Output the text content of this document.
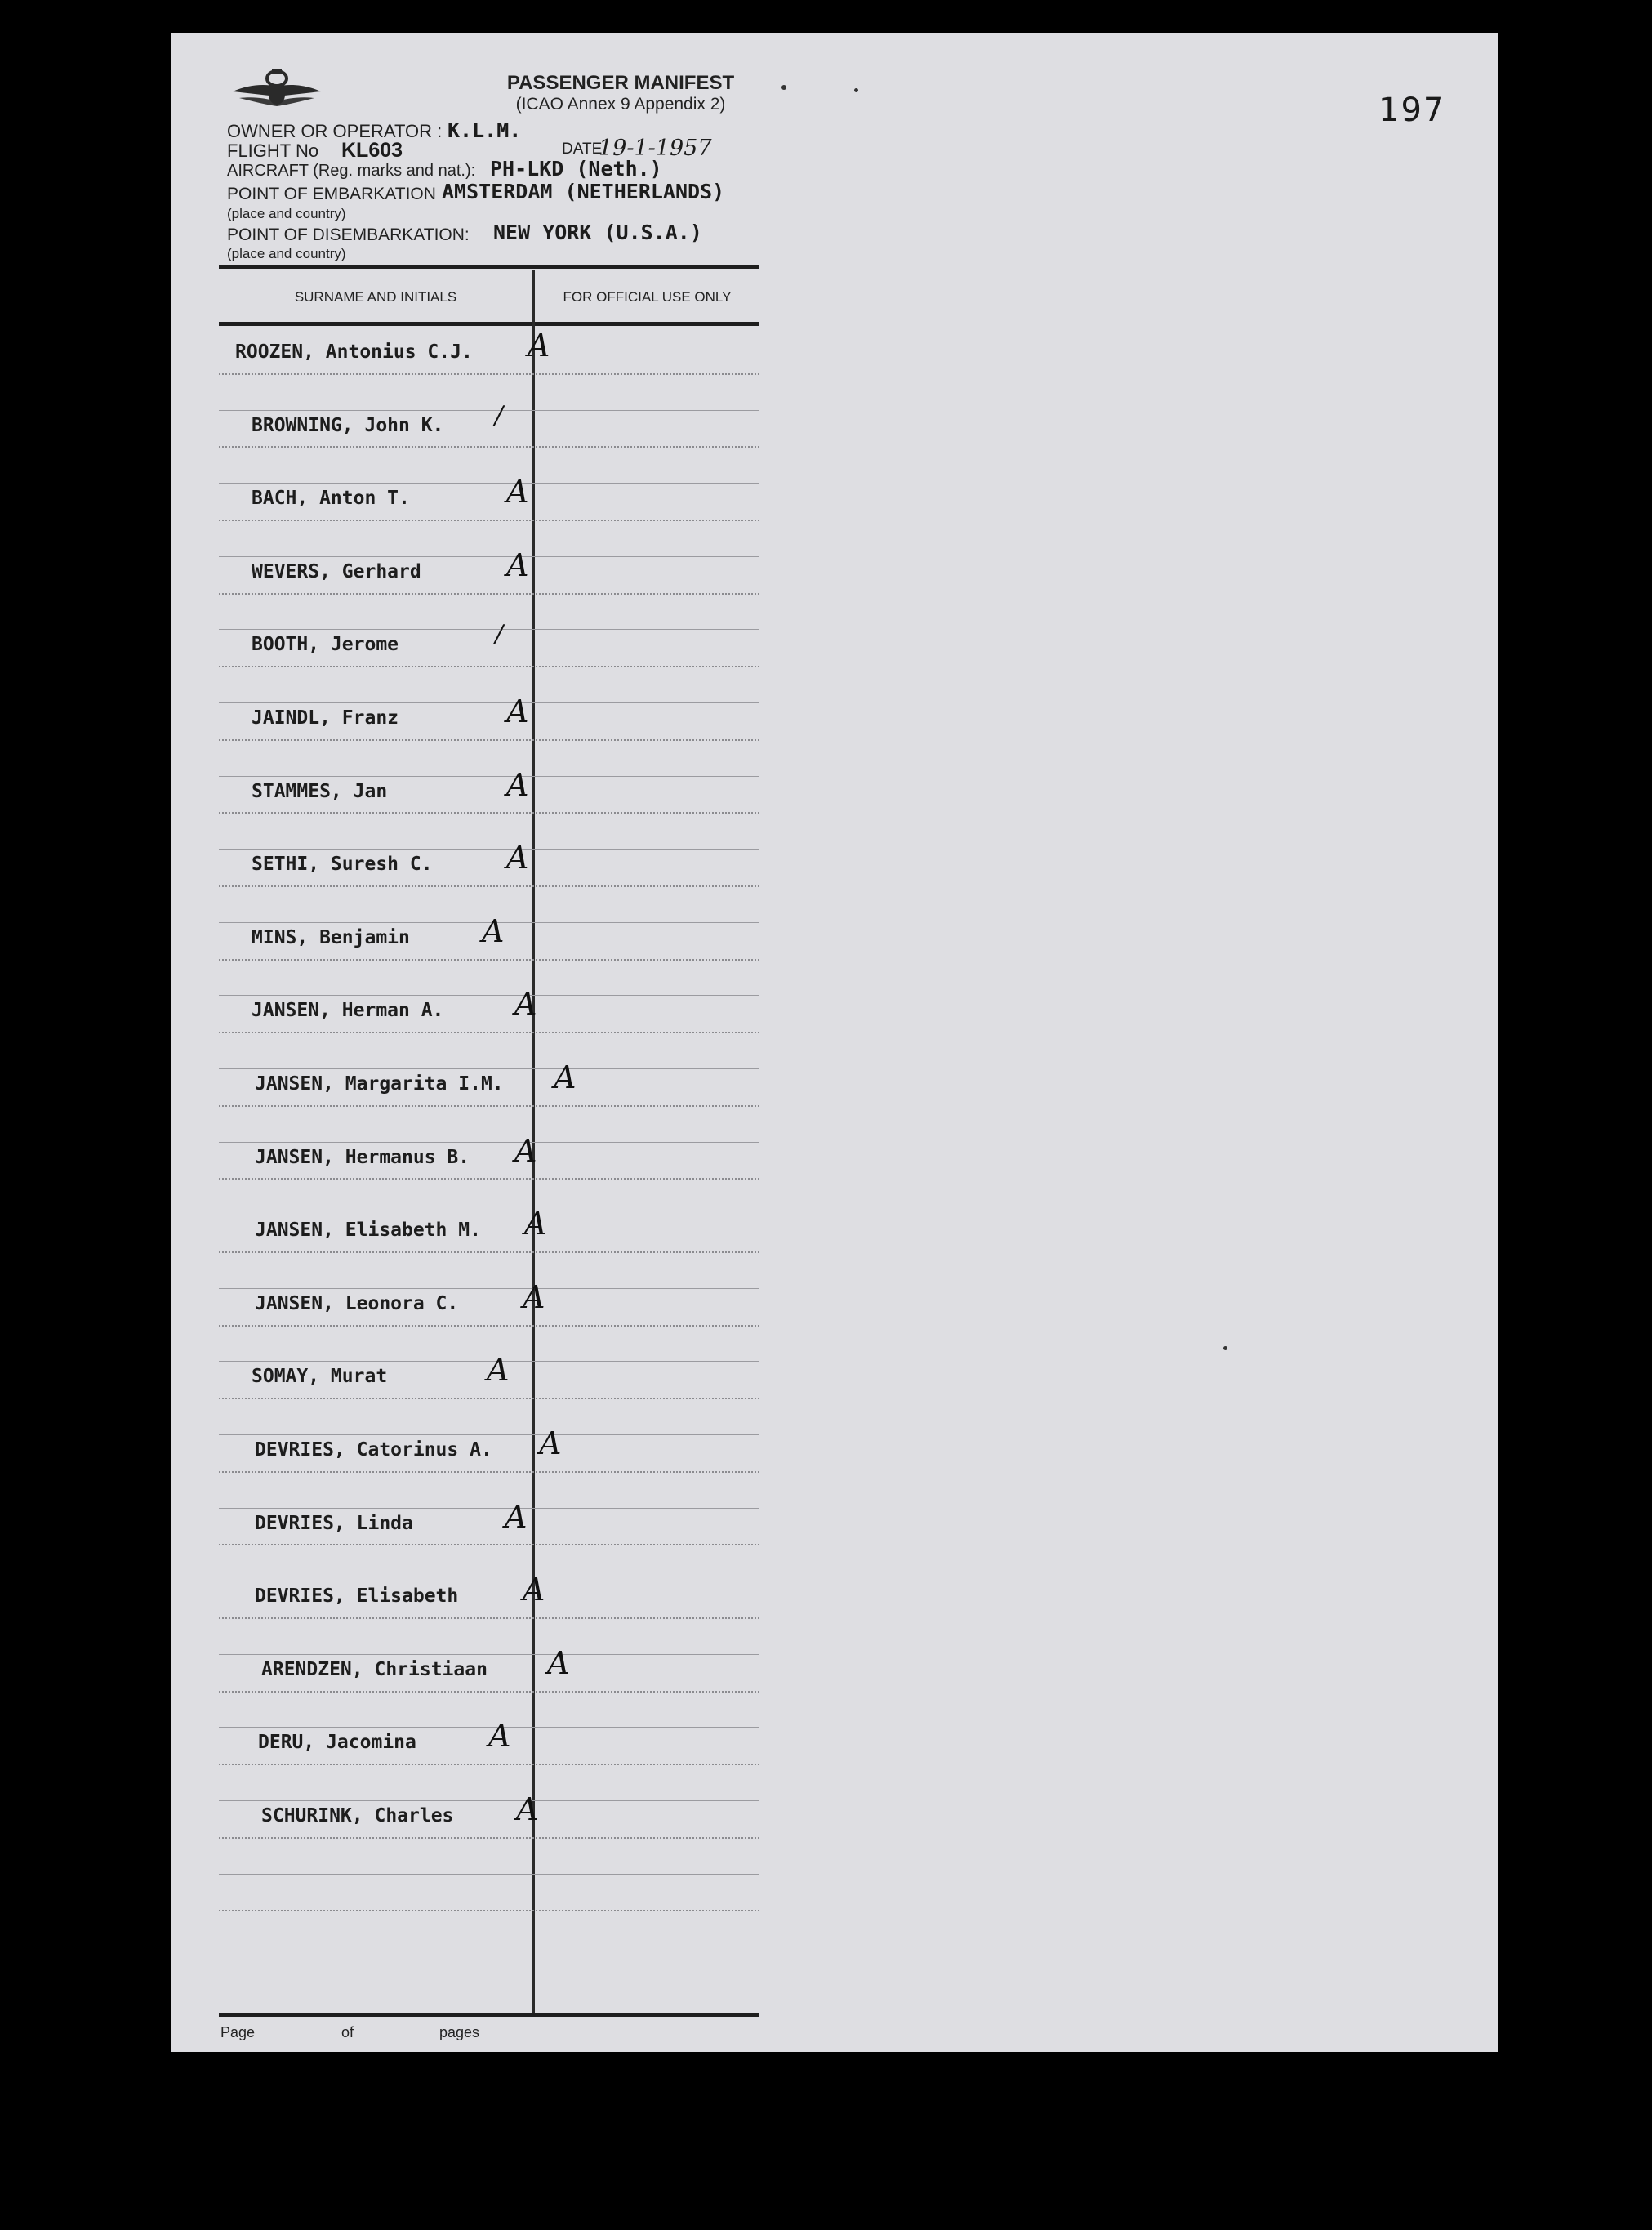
197
PASSENGER MANIFEST
(ICAO Annex 9 Appendix 2)
OWNER OR OPERATOR : K.L.M.
FLIGHT No KL603	DATE
19-1-1957
AIRCRAFT (Reg. marks and nat.): PH-LKD (Neth.)
POINT OF EMBARKATION AMSTERDAM (NETHERLANDS)
(place and country)
POINT OF DISEMBARKATION: NEW YORK (U.S.A.)
(place and country)
SURNAME AND INITIALS	FOR OFFICIAL USE ONLY
ROOZEN, Antonius C.J. A
BROWNING, John K. /
BACH, Anton T.	A
WEVERS, Gerhard	A
BOOTH, Jerome	/
JAINDL, Franz	A
STAMMES, Jan	A
SETHI, Suresh C. A
MINS, Benjamin A
JANSEN, Herman A. A
JANSEN, Margarita I.M. A
JANSEN, Hermanus B. A
JANSEN, Elisabeth M. A
JANSEN, Leonora C. A
SOMAY, Murat	A
DEVRIES, Catorinus A. A
DEVRIES, Linda	A
DEVRIES, Elisabeth A
ARENDZEN, Christiaan A
DERU, Jacomina A
SCHURINK, Charles A
Page	of	pages
